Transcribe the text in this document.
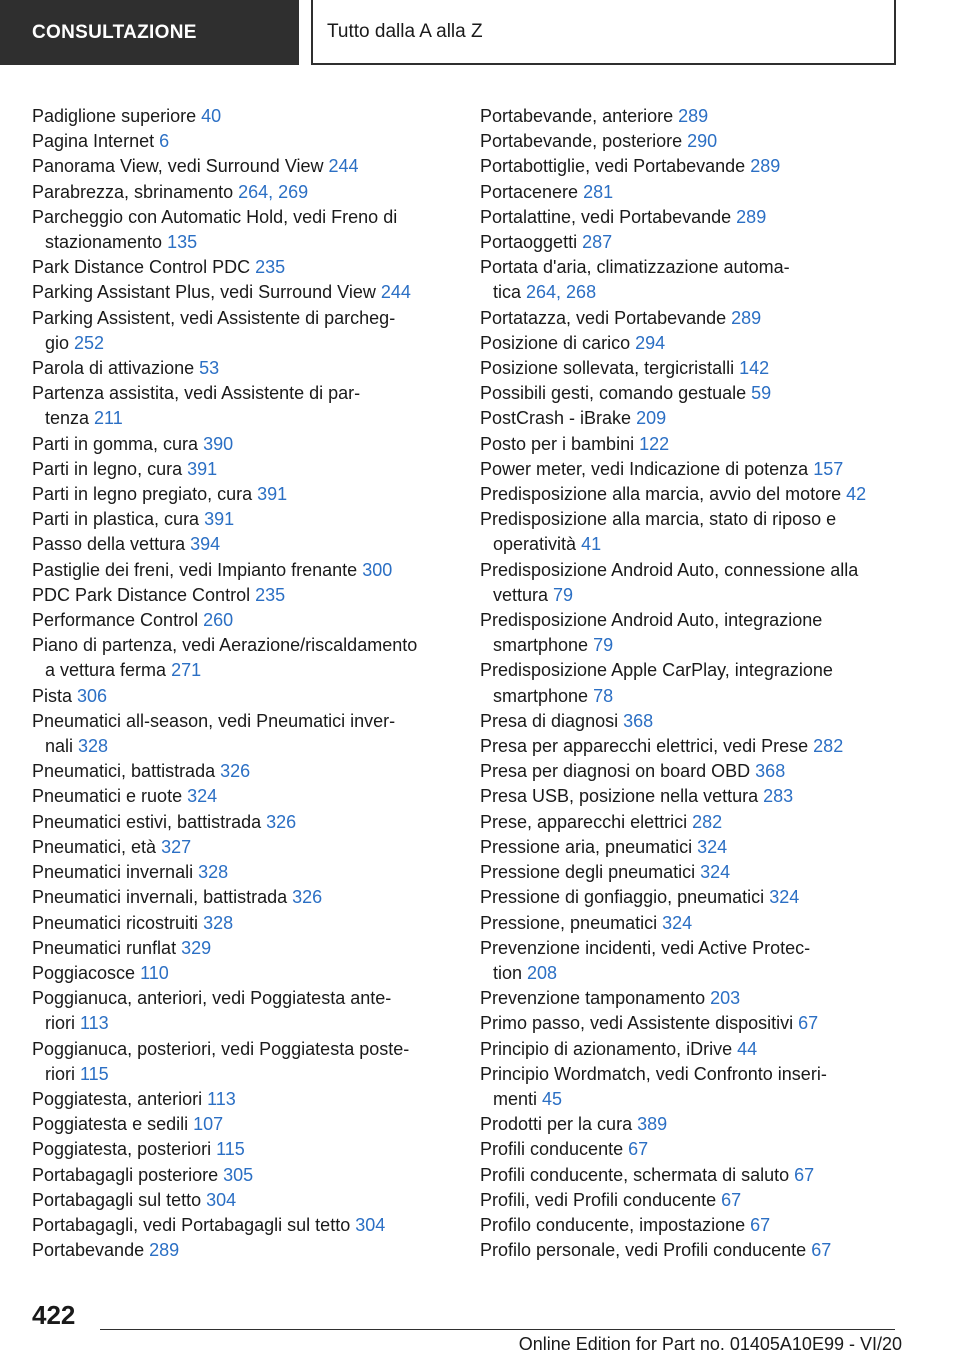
CONSULTAZIONE	Tutto dalla A alla Z
Padiglione superiore 40
Pagina Internet 6
Panorama View, vedi Surround View 244
Parabrezza, sbrinamento 264, 269
Parcheggio con Automatic Hold, vedi Freno di
stazionamento 135
Park Distance Control PDC 235
Parking Assistant Plus, vedi Surround View 244
Parking Assistent, vedi Assistente di parcheg‐
gio 252
Parola di attivazione 53
Partenza assistita, vedi Assistente di par‐
tenza 211
Parti in gomma, cura 390
Parti in legno, cura 391
Parti in legno pregiato, cura 391
Parti in plastica, cura 391
Passo della vettura 394
Pastiglie dei freni, vedi Impianto frenante 300
PDC Park Distance Control 235
Performance Control 260
Piano di partenza, vedi Aerazione/riscaldamento
a vettura ferma 271
Pista 306
Pneumatici all-season, vedi Pneumatici inver‐
nali 328
Pneumatici, battistrada 326
Pneumatici e ruote 324
Pneumatici estivi, battistrada 326
Pneumatici, età 327
Pneumatici invernali 328
Pneumatici invernali, battistrada 326
Pneumatici ricostruiti 328
Pneumatici runflat 329
Poggiacosce 110
Poggianuca, anteriori, vedi Poggiatesta ante‐
riori 113
Poggianuca, posteriori, vedi Poggiatesta poste‐
riori 115
Poggiatesta, anteriori 113
Poggiatesta e sedili 107
Poggiatesta, posteriori 115
Portabagagli posteriore 305
Portabagagli sul tetto 304
Portabagagli, vedi Portabagagli sul tetto 304
Portabevande 289
Portabevande, anteriore 289
Portabevande, posteriore 290
Portabottiglie, vedi Portabevande 289
Portacenere 281
Portalattine, vedi Portabevande 289
Portaoggetti 287
Portata d'aria, climatizzazione automa‐
tica 264, 268
Portatazza, vedi Portabevande 289
Posizione di carico 294
Posizione sollevata, tergicristalli 142
Possibili gesti, comando gestuale 59
PostCrash - iBrake 209
Posto per i bambini 122
Power meter, vedi Indicazione di potenza 157
Predisposizione alla marcia, avvio del motore 42
Predisposizione alla marcia, stato di riposo e
operatività 41
Predisposizione Android Auto, connessione alla
vettura 79
Predisposizione Android Auto, integrazione
smartphone 79
Predisposizione Apple CarPlay, integrazione
smartphone 78
Presa di diagnosi 368
Presa per apparecchi elettrici, vedi Prese 282
Presa per diagnosi on board OBD 368
Presa USB, posizione nella vettura 283
Prese, apparecchi elettrici 282
Pressione aria, pneumatici 324
Pressione degli pneumatici 324
Pressione di gonfiaggio, pneumatici 324
Pressione, pneumatici 324
Prevenzione incidenti, vedi Active Protec‐
tion 208
Prevenzione tamponamento 203
Primo passo, vedi Assistente dispositivi 67
Principio di azionamento, iDrive 44
Principio Wordmatch, vedi Confronto inseri‐
menti 45
Prodotti per la cura 389
Profili conducente 67
Profili conducente, schermata di saluto 67
Profili, vedi Profili conducente 67
Profilo conducente, impostazione 67
Profilo personale, vedi Profili conducente 67
422
Online Edition for Part no. 01405A10E99 - VI/20
